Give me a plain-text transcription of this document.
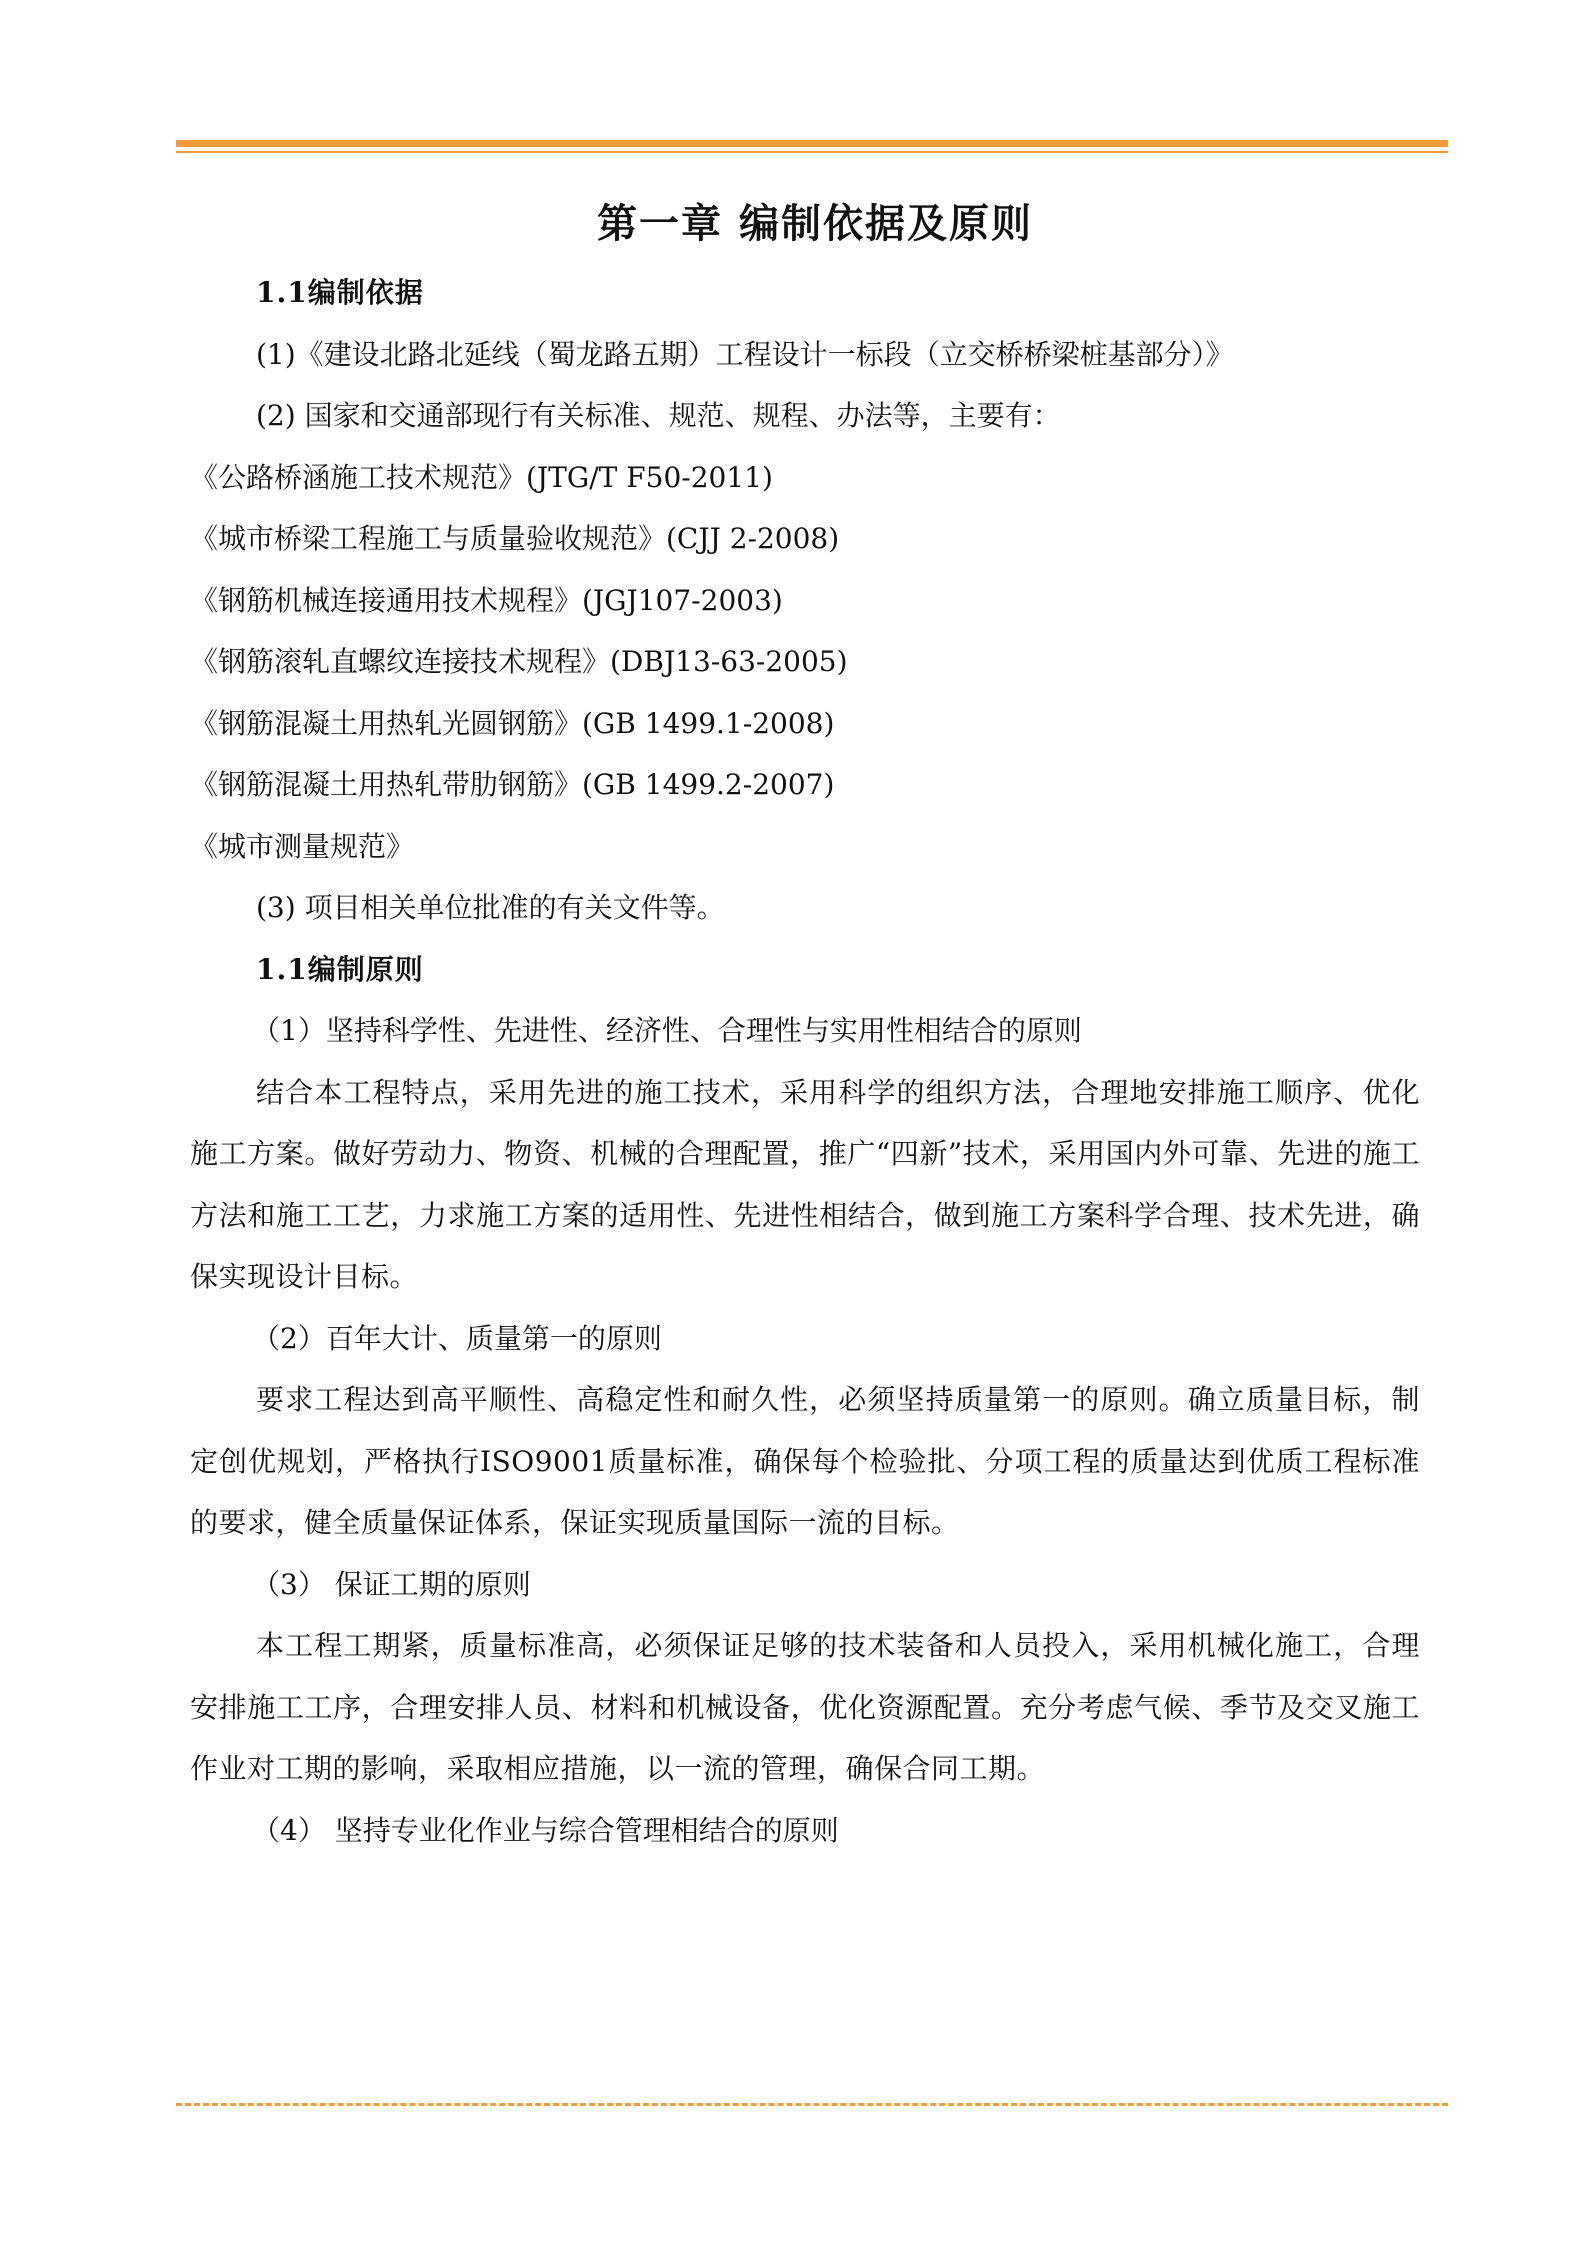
第一章 编制依据及原则

1.1编制依据

(1)《建设北路北延线（蜀龙路五期）工程设计一标段（立交桥桥梁桩基部分）》

(2) 国家和交通部现行有关标准、规范、规程、办法等，主要有：

《公路桥涵施工技术规范》(JTG/T F50-2011)

《城市桥梁工程施工与质量验收规范》(CJJ 2-2008)

《钢筋机械连接通用技术规程》(JGJ107-2003)

《钢筋滚轧直螺纹连接技术规程》(DBJ13-63-2005)

《钢筋混凝土用热轧光圆钢筋》(GB 1499.1-2008)

《钢筋混凝土用热轧带肋钢筋》(GB 1499.2-2007)

《城市测量规范》

(3) 项目相关单位批准的有关文件等。

1.1编制原则

（1）坚持科学性、先进性、经济性、合理性与实用性相结合的原则

结合本工程特点，采用先进的施工技术，采用科学的组织方法，合理地安排施工顺序、优化施工方案。做好劳动力、物资、机械的合理配置，推广“四新”技术，采用国内外可靠、先进的施工方法和施工工艺，力求施工方案的适用性、先进性相结合，做到施工方案科学合理、技术先进，确保实现设计目标。

（2）百年大计、质量第一的原则

要求工程达到高平顺性、高稳定性和耐久性，必须坚持质量第一的原则。确立质量目标，制定创优规划，严格执行ISO9001质量标准，确保每个检验批、分项工程的质量达到优质工程标准的要求，健全质量保证体系，保证实现质量国际一流的目标。

（3） 保证工期的原则

本工程工期紧，质量标准高，必须保证足够的技术装备和人员投入，采用机械化施工，合理安排施工工序，合理安排人员、材料和机械设备，优化资源配置。充分考虑气候、季节及交叉施工作业对工期的影响，采取相应措施，以一流的管理，确保合同工期。

（4） 坚持专业化作业与综合管理相结合的原则
